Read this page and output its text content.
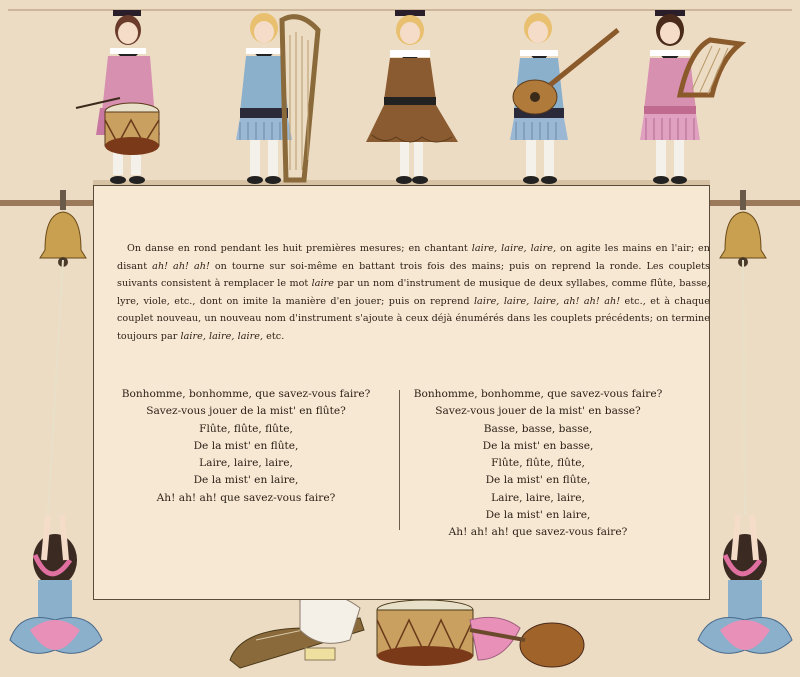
On danse en rond pendant les huit premières mesures; en chantant laire, laire, laire, on agite les mains en l'air; en disant ah! ah! ah! on tourne sur soi-même en battant trois fois des mains; puis on reprend la ronde. Les couplets suivants consistent à remplacer le mot laire par un nom d'instrument de musique de deux syllabes, comme flûte, basse, lyre, viole, etc., dont on imite la manière d'en jouer; puis on reprend laire, laire, laire, ah! ah! ah! etc., et à chaque couplet nouveau, un nouveau nom d'instrument s'ajoute à ceux déjà énumérés dans les couplets précédents; on termine toujours par laire, laire, laire, etc.

Bonhomme, bonhomme, que savez-vous faire?
Savez-vous jouer de la mist' en flûte?
Flûte, flûte, flûte,
De la mist' en flûte,
Laire, laire, laire,
De la mist' en laire,
Ah! ah! ah! que savez-vous faire?
Bonhomme, bonhomme, que savez-vous faire?
Savez-vous jouer de la mist' en basse?
Basse, basse, basse,
De la mist' en basse,
Flûte, flûte, flûte,
De la mist' en flûte,
Laire, laire, laire,
De la mist' en laire,
Ah! ah! ah! que savez-vous faire?
